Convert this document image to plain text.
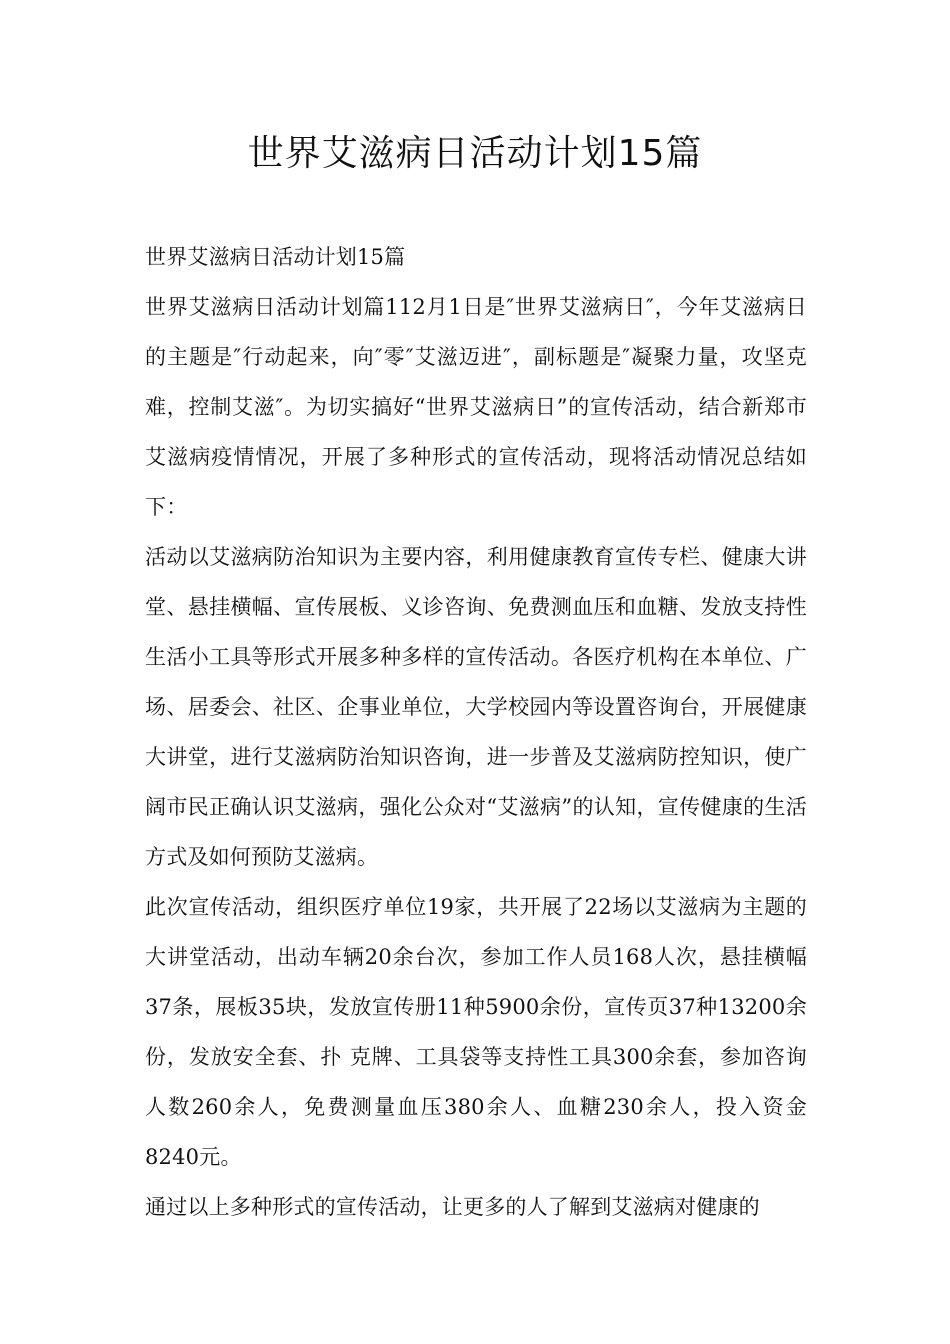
世界艾滋病日活动计划15篇

世界艾滋病日活动计划15篇

世界艾滋病日活动计划篇112月1日是″世界艾滋病日″，今年艾滋病日的主题是″行动起来，向″零″艾滋迈进″，副标题是″凝聚力量，攻坚克难，控制艾滋″。为切实搞好“世界艾滋病日”的宣传活动，结合新郑市艾滋病疫情情况，开展了多种形式的宣传活动，现将活动情况总结如下：

活动以艾滋病防治知识为主要内容，利用健康教育宣传专栏、健康大讲堂、悬挂横幅、宣传展板、义诊咨询、免费测血压和血糖、发放支持性 生活小工具等形式开展多种多样的宣传活动。各医疗机构在本单位、广场、居委会、社区、企事业单位，大学校园内等设置咨询台，开展健康大讲堂，进行艾滋病防治知识咨询，进一步普及艾滋病防控知识，使广阔市民正确认识艾滋病，强化公众对“艾滋病”的认知，宣传健康的生活方式及如何预防艾滋病。

此次宣传活动，组织医疗单位19家，共开展了22场以艾滋病为主题的大讲堂活动，出动车辆20余台次，参加工作人员168人次，悬挂横幅37条，展板35块，发放宣传册11种5900余份，宣传页37种13200余份，发放安全套、扑 克牌、工具袋等支持性工具300余套，参加咨询人数260余人，免费测量血压380余人、血糖230余人，投入资金8240元。

通过以上多种形式的宣传活动，让更多的人了解到艾滋病对健康的
